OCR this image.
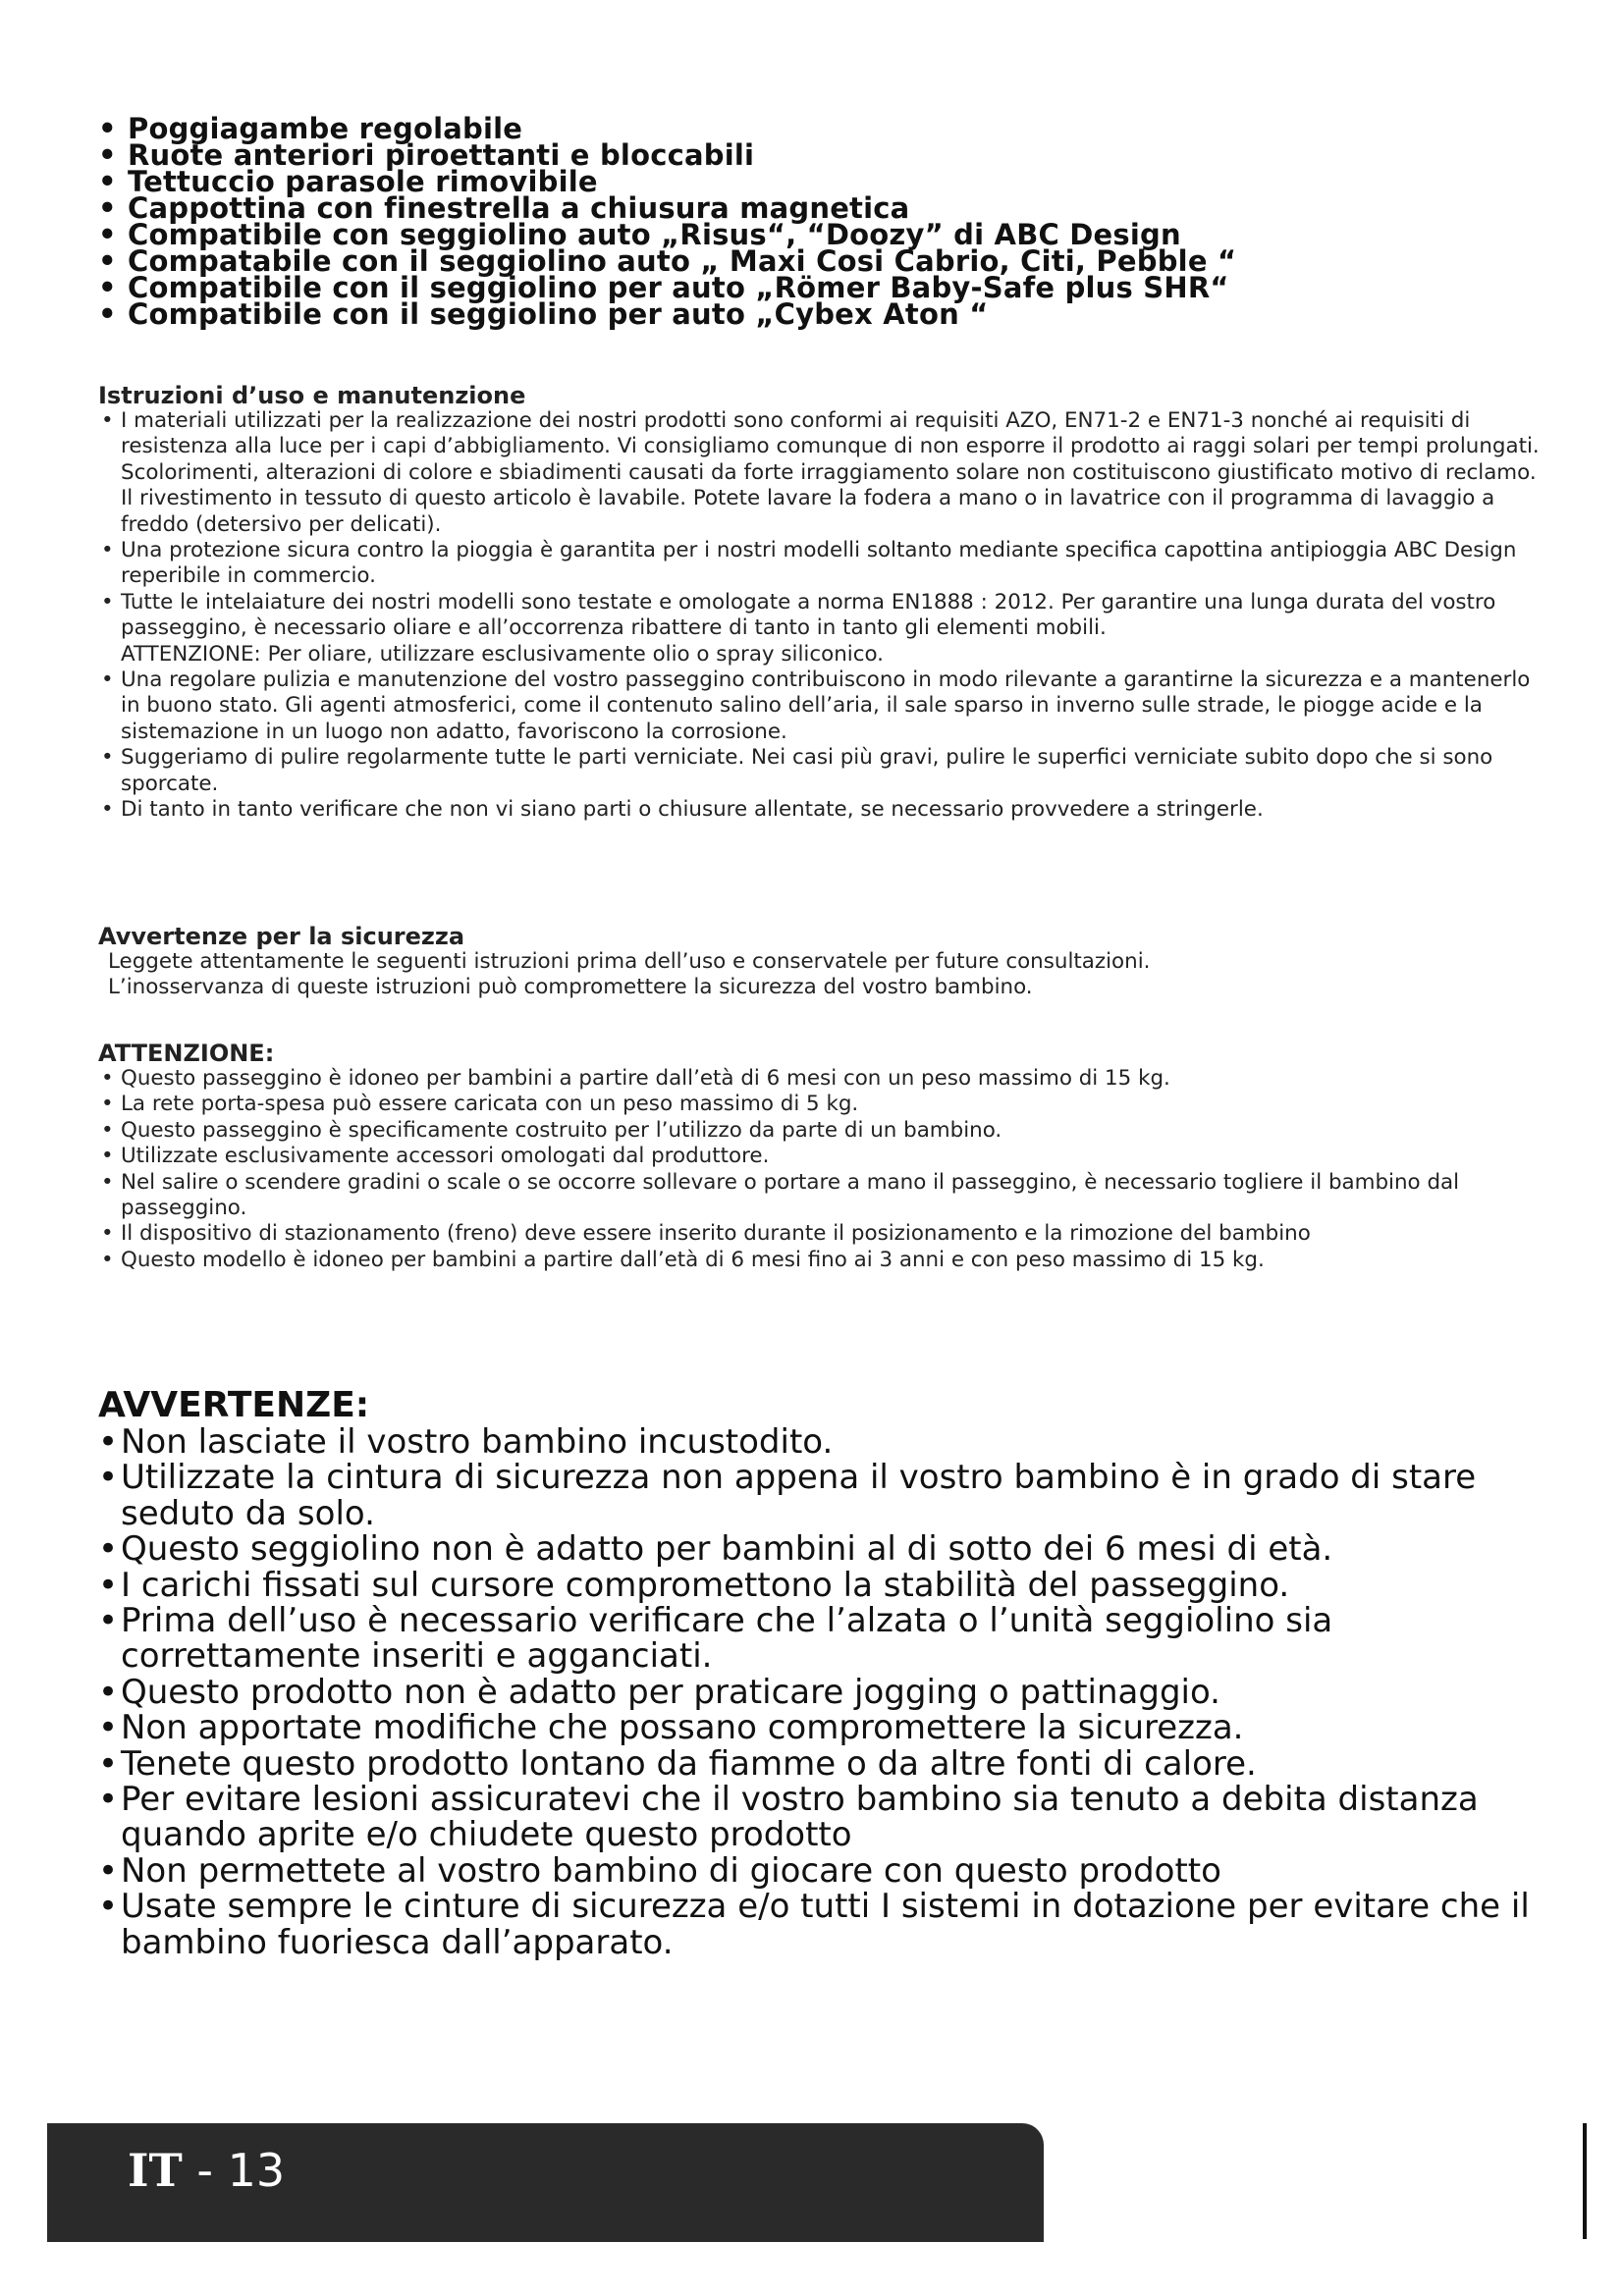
• Poggiagambe regolabile
• Ruote anteriori piroettanti e bloccabili
• Tettuccio parasole rimovibile
• Cappottina con finestrella a chiusura magnetica
• Compatibile con seggiolino auto „Risus“, “Doozy” di ABC Design
• Compatabile con il seggiolino auto „ Maxi Cosi Cabrio, Citi, Pebble “
• Compatibile con il seggiolino per auto „Römer Baby-Safe plus SHR“
• Compatibile con il seggiolino per auto „Cybex Aton “
Istruzioni d’uso e manutenzione
• I materiali utilizzati per la realizzazione dei nostri prodotti sono conformi ai requisiti AZO, EN71-2 e EN71-3 nonché ai requisiti di resistenza alla luce per i capi d’abbigliamento. Vi consigliamo comunque di non esporre il prodotto ai raggi solari per tempi prolungati. Scolorimenti, alterazioni di colore e sbiadimenti causati da forte irraggiamento solare non costituiscono giustificato motivo di reclamo. Il rivestimento in tessuto di questo articolo è lavabile. Potete lavare la fodera a mano o in lavatrice con il programma di lavaggio a freddo (detersivo per delicati).
• Una protezione sicura contro la pioggia è garantita per i nostri modelli soltanto mediante specifica capottina antipioggia ABC Design reperibile in commercio.
• Tutte le intelaiature dei nostri modelli sono testate e omologate a norma EN1888 : 2012. Per garantire una lunga durata del vostro passeggino, è necessario oliare e all’occorrenza ribattere di tanto in tanto gli elementi mobili.
ATTENZIONE: Per oliare, utilizzare esclusivamente olio o spray siliconico.
• Una regolare pulizia e manutenzione del vostro passeggino contribuiscono in modo rilevante a garantirne la sicurezza e a mantenerlo in buono stato. Gli agenti atmosferici, come il contenuto salino dell’aria, il sale sparso in inverno sulle strade, le piogge acide e la sistemazione in un luogo non adatto, favoriscono la corrosione.
• Suggeriamo di pulire regolarmente tutte le parti verniciate. Nei casi più gravi, pulire le superfici verniciate subito dopo che si sono sporcate.
• Di tanto in tanto verificare che non vi siano parti o chiusure allentate, se necessario provvedere a stringerle.
Avvertenze per la sicurezza

Leggete attentamente le seguenti istruzioni prima dell’uso e conservatele per future consultazioni.

L’inosservanza di queste istruzioni può compromettere la sicurezza del vostro bambino.

ATTENZIONE:
• Questo passeggino è idoneo per bambini a partire dall’età di 6 mesi con un peso massimo di 15 kg.
• La rete porta-spesa può essere caricata con un peso massimo di 5 kg.
• Questo passeggino è specificamente costruito per l’utilizzo da parte di un bambino.
• Utilizzate esclusivamente accessori omologati dal produttore.
• Nel salire o scendere gradini o scale o se occorre sollevare o portare a mano il passeggino, è necessario togliere il bambino dal passeggino.
• Il dispositivo di stazionamento (freno) deve essere inserito durante il posizionamento e la rimozione del bambino
• Questo modello è idoneo per bambini a partire dall’età di 6 mesi fino ai 3 anni e con peso massimo di 15 kg.
AVVERTENZE:
• Non lasciate il vostro bambino incustodito.
• Utilizzate la cintura di sicurezza non appena il vostro bambino è in grado di stare seduto da solo.
• Questo seggiolino non è adatto per bambini al di sotto dei 6 mesi di età.
• I carichi fissati sul cursore compromettono la stabilità del passeggino.
• Prima dell’uso è necessario verificare che l’alzata o l’unità seggiolino sia correttamente inseriti e agganciati.
• Questo prodotto non è adatto per praticare jogging o pattinaggio.
• Non apportate modifiche che possano compromettere la sicurezza.
• Tenete questo prodotto lontano da fiamme o da altre fonti di calore.
• Per evitare lesioni assicuratevi che il vostro bambino sia tenuto a debita distanza quando aprite e/o chiudete questo prodotto
• Non permettete al vostro bambino di giocare con questo prodotto
• Usate sempre le cinture di sicurezza e/o tutti I sistemi in dotazione per evitare che il bambino fuoriesca dall’apparato.
IT - 13
